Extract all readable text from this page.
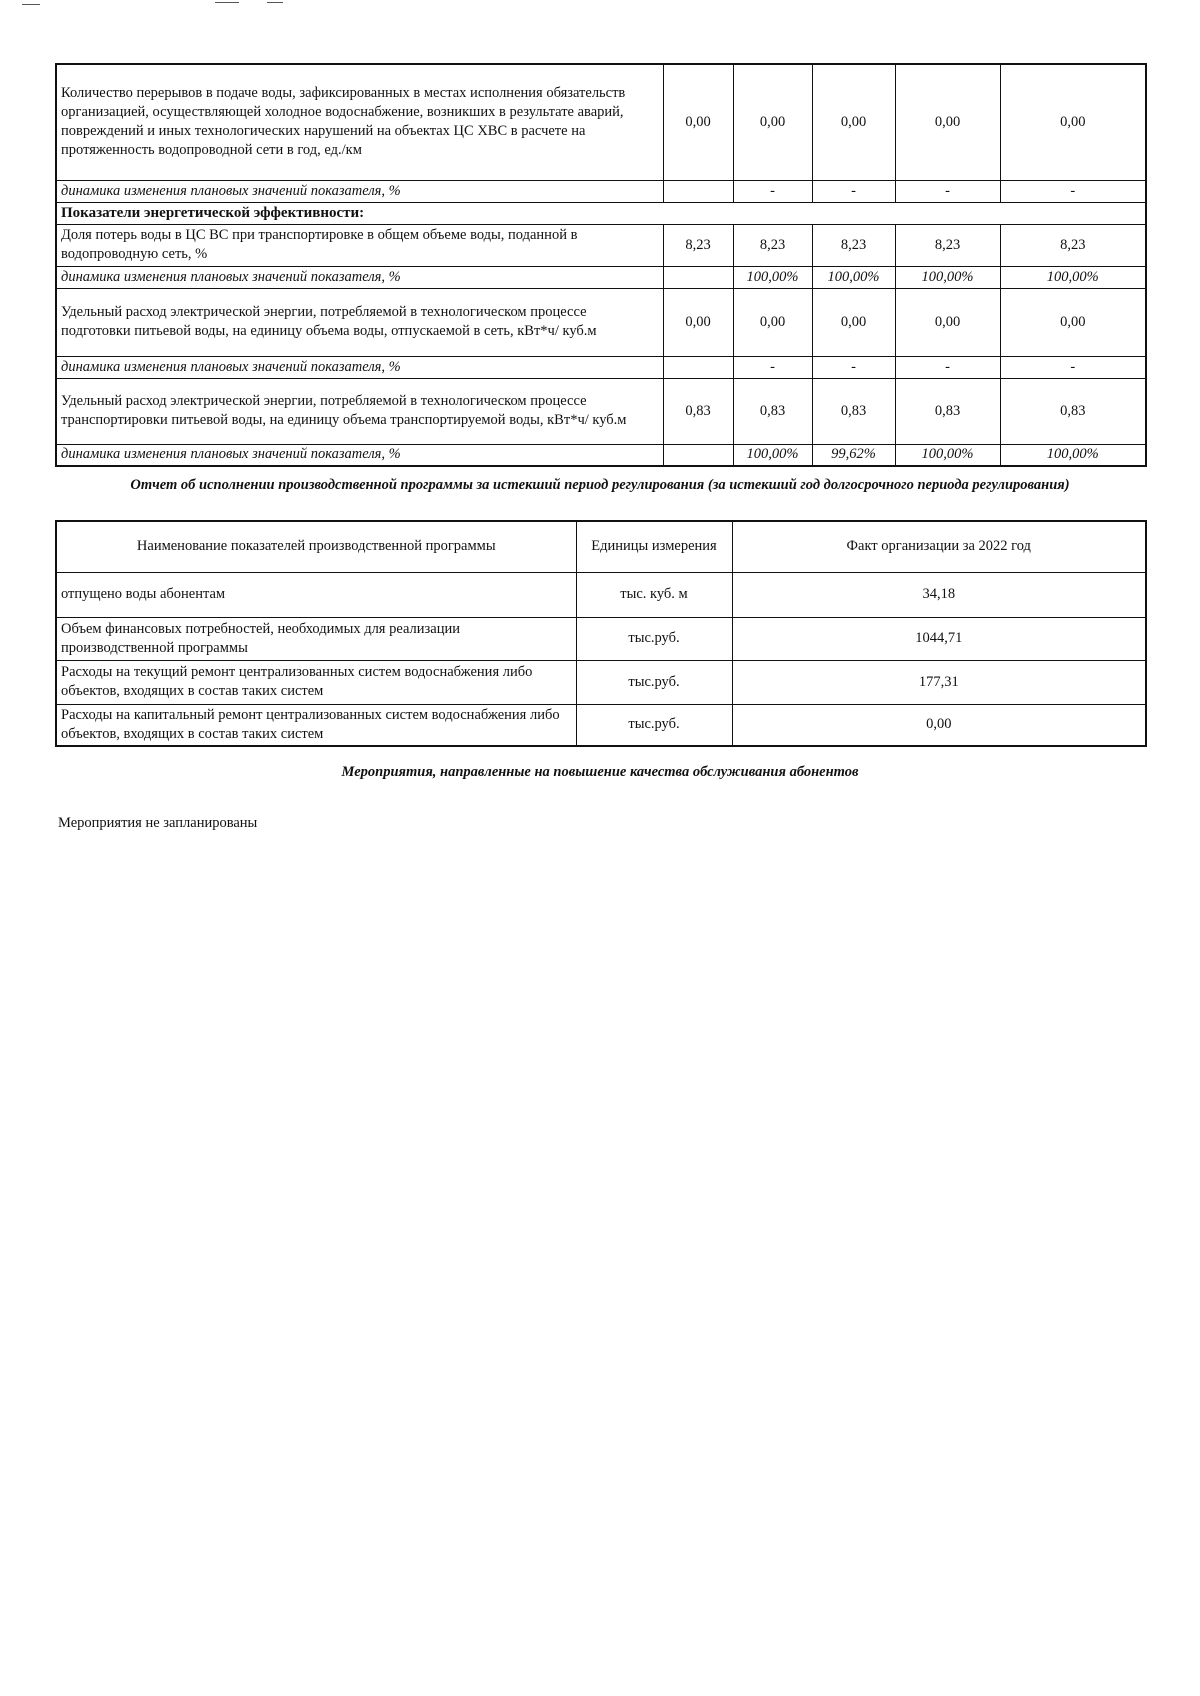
Количество перерывов в подаче воды, зафиксированных в местах исполнения обязательств организацией, осуществляющей холодное водоснабжение, возникших в результате аварий, повреждений и иных технологических нарушений на объектах ЦС ХВС в расчете на протяженность водопроводной сети в год, ед./км	0,00	0,00	0,00	0,00	0,00
динамика изменения плановых значений показателя, %		-	-	-	-
Показатели энергетической эффективности:					
Доля потерь воды в ЦС ВС при транспортировке в общем объеме воды, поданной в водопроводную сеть, %	8,23	8,23	8,23	8,23	8,23
динамика изменения плановых значений показателя, %		100,00%	100,00%	100,00%	100,00%
Удельный расход электрической энергии, потребляемой в технологическом процессе подготовки питьевой воды, на единицу объема воды, отпускаемой в сеть, кВт*ч/ куб.м	0,00	0,00	0,00	0,00	0,00
динамика изменения плановых значений показателя, %		-	-	-	-
Удельный расход электрической энергии, потребляемой в технологическом процессе транспортировки питьевой воды, на единицу объема транспортируемой воды, кВт*ч/ куб.м	0,83	0,83	0,83	0,83	0,83
динамика изменения плановых значений показателя, %		100,00%	99,62%	100,00%	100,00%
Отчет об исполнении производственной программы за истекший период регулирования (за истекший год долгосрочного периода регулирования)
Наименование показателей производственной программы	Единицы измерения	Факт организации за 2022 год
отпущено воды абонентам	тыс. куб. м	34,18
Объем финансовых потребностей, необходимых для реализации производственной программы	тыс.руб.	1044,71
Расходы на текущий ремонт централизованных систем водоснабжения либо объектов, входящих в состав таких систем	тыс.руб.	177,31
Расходы на капитальный ремонт централизованных систем водоснабжения либо объектов, входящих в состав таких систем	тыс.руб.	0,00
Мероприятия, направленные на повышение качества обслуживания абонентов
Мероприятия не запланированы
